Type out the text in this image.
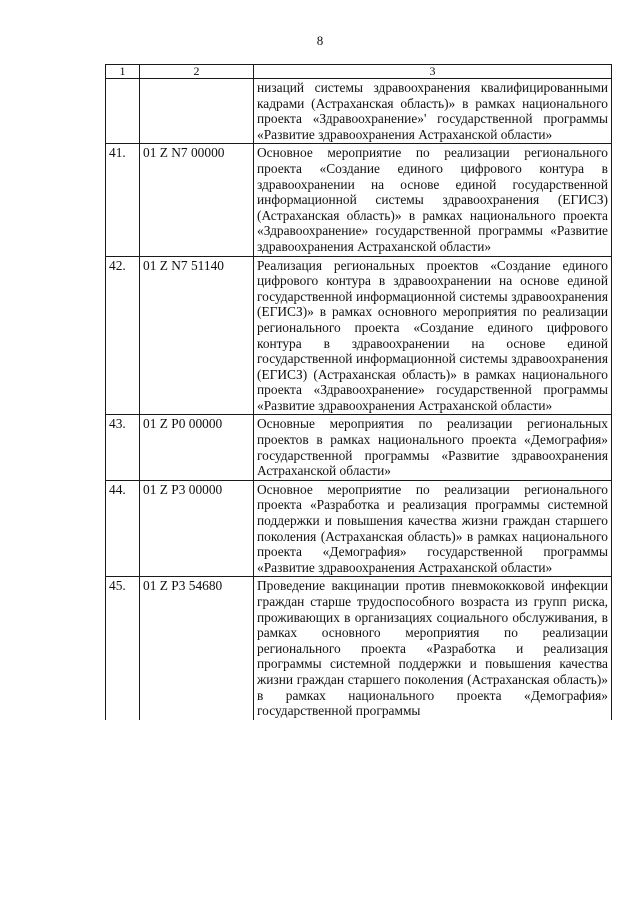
8
1	2	3
		низаций системы здравоохранения квалифицированными кадрами (Астраханская область)» в рамках национального проекта «Здравоохранение»' государственной программы «Развитие здравоохранения Астраханской области»
41.	01 Z N7 00000	Основное мероприятие по реализации регионального проекта «Создание единого цифрового контура в здравоохранении на основе единой государственной информационной системы здравоохранения (ЕГИСЗ) (Астраханская область)» в рамках национального проекта «Здравоохранение» государственной программы «Развитие здравоохранения Астраханской области»
42.	01 Z N7 51140	Реализация региональных проектов «Создание единого цифрового контура в здравоохранении на основе единой государственной информационной системы здравоохранения (ЕГИСЗ)» в рамках основного мероприятия по реализации регионального проекта «Создание единого цифрового контура в здравоохранении на основе единой государственной информационной системы здравоохранения (ЕГИСЗ) (Астраханская область)» в рамках национального проекта «Здравоохранение» государственной программы «Развитие здравоохранения Астраханской области»
43.	01 Z P0 00000	Основные мероприятия по реализации региональных проектов в рамках национального проекта «Демография» государственной программы «Развитие здравоохранения Астраханской области»
44.	01 Z P3 00000	Основное мероприятие по реализации регионального проекта «Разработка и реализация программы системной поддержки и повышения качества жизни граждан старшего поколения (Астраханская область)» в рамках национального проекта «Демография» государственной программы «Развитие здравоохранения Астраханской области»
45.	01 Z P3 54680	Проведение вакцинации против пневмококковой инфекции граждан старше трудоспособного возраста из групп риска, проживающих в организациях социального обслуживания, в рамках основного мероприятия по реализации регионального проекта «Разработка и реализация программы системной поддержки и повышения качества жизни граждан старшего поколения (Астраханская область)» в рамках национального проекта «Демография» государственной программы
